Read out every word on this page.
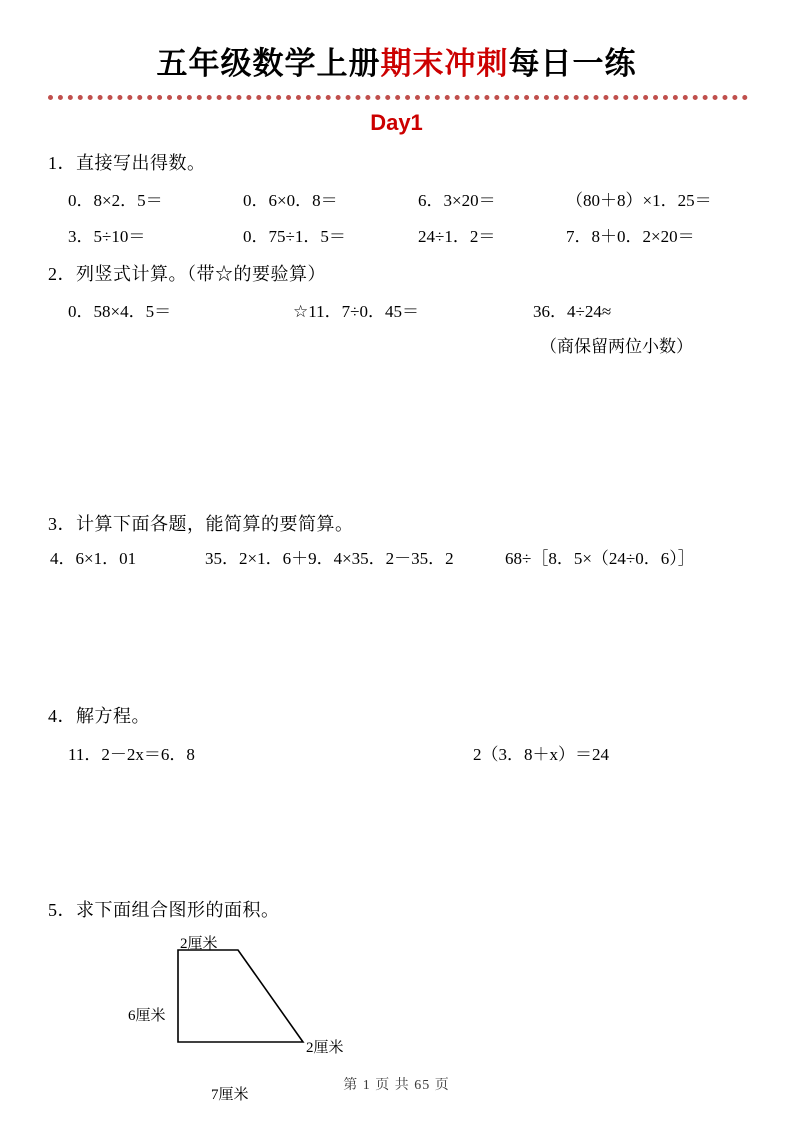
五年级数学上册期末冲刺每日一练
Day1
1．直接写出得数。
0．8×2．5＝	0．6×0．8＝	6．3×20＝	（80＋8）×1．25＝
3．5÷10＝	0．75÷1．5＝	24÷1．2＝	7．8＋0．2×20＝
2．列竖式计算。（带☆的要验算）
0．58×4．5＝	☆11．7÷0．45＝	36．4÷24≈
（商保留两位小数）
3．计算下面各题，能简算的要简算。
4．6×1．01	35．2×1．6＋9．4×35．2－35．2	68÷［8．5×（24÷0．6）］
4．解方程。
11．2－2x＝6．8	2（3．8＋x）＝24
5．求下面组合图形的面积。
2厘米
6厘米
2厘米
7厘米
第 1 页 共 65 页
